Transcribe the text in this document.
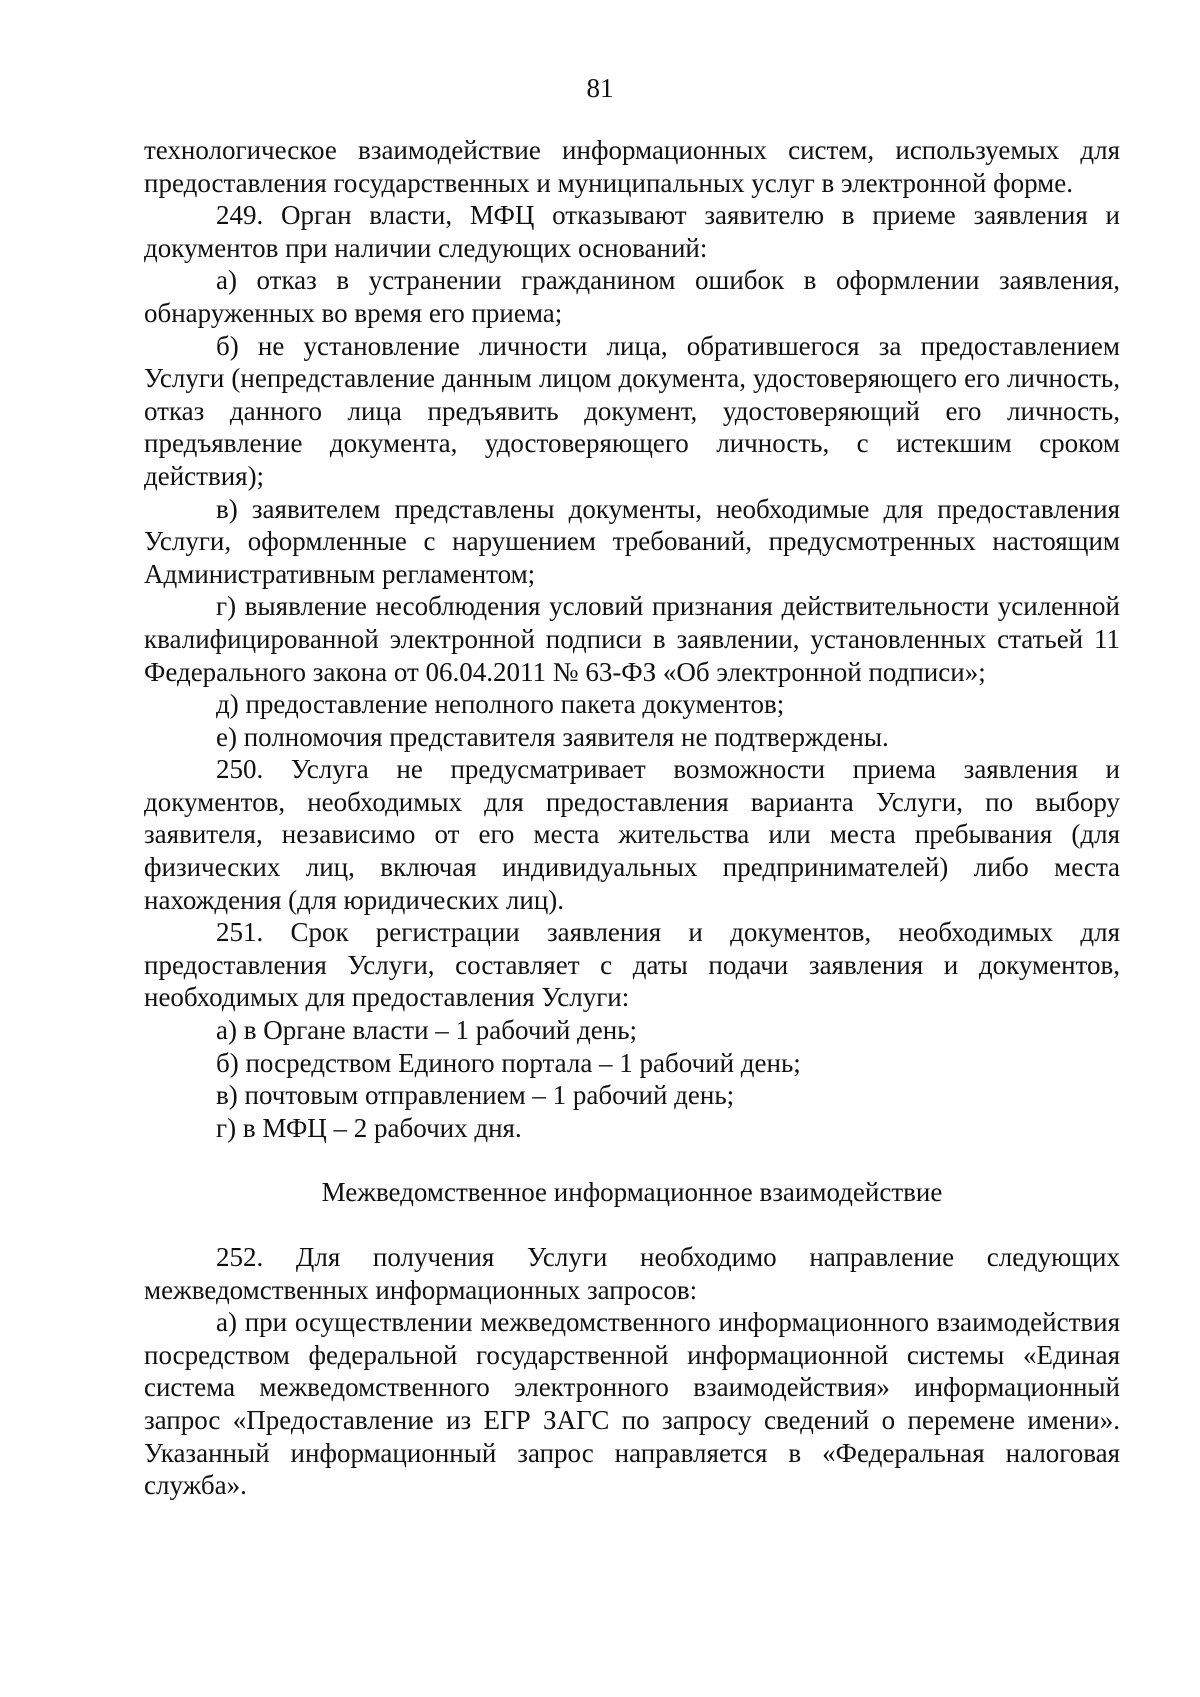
81

технологическое взаимодействие информационных систем, используемых для предоставления государственных и муниципальных услуг в электронной форме.

249. Орган власти, МФЦ отказывают заявителю в приеме заявления и документов при наличии следующих оснований:

а) отказ в устранении гражданином ошибок в оформлении заявления, обнаруженных во время его приема;

б) не установление личности лица, обратившегося за предоставлением Услуги (непредставление данным лицом документа, удостоверяющего его личность, отказ данного лица предъявить документ, удостоверяющий его личность, предъявление документа, удостоверяющего личность, с истекшим сроком действия);

в) заявителем представлены документы, необходимые для предоставления Услуги, оформленные с нарушением требований, предусмотренных настоящим Административным регламентом;

г) выявление несоблюдения условий признания действительности усиленной квалифицированной электронной подписи в заявлении, установленных статьей 11 Федерального закона от 06.04.2011 № 63-ФЗ «Об электронной подписи»;

д) предоставление неполного пакета документов;

е) полномочия представителя заявителя не подтверждены.

250. Услуга не предусматривает возможности приема заявления и документов, необходимых для предоставления варианта Услуги, по выбору заявителя, независимо от его места жительства или места пребывания (для физических лиц, включая индивидуальных предпринимателей) либо места нахождения (для юридических лиц).

251. Срок регистрации заявления и документов, необходимых для предоставления Услуги, составляет с даты подачи заявления и документов, необходимых для предоставления Услуги:

а) в Органе власти – 1 рабочий день;

б) посредством Единого портала – 1 рабочий день;

в) почтовым отправлением – 1 рабочий день;

г) в МФЦ – 2 рабочих дня.

Межведомственное информационное взаимодействие

252. Для получения Услуги необходимо направление следующих межведомственных информационных запросов:

а) при осуществлении межведомственного информационного взаимодействия посредством федеральной государственной информационной системы «Единая система межведомственного электронного взаимодействия» информационный запрос «Предоставление из ЕГР ЗАГС по запросу сведений о перемене имени». Указанный информационный запрос направляется в «Федеральная налоговая служба».
